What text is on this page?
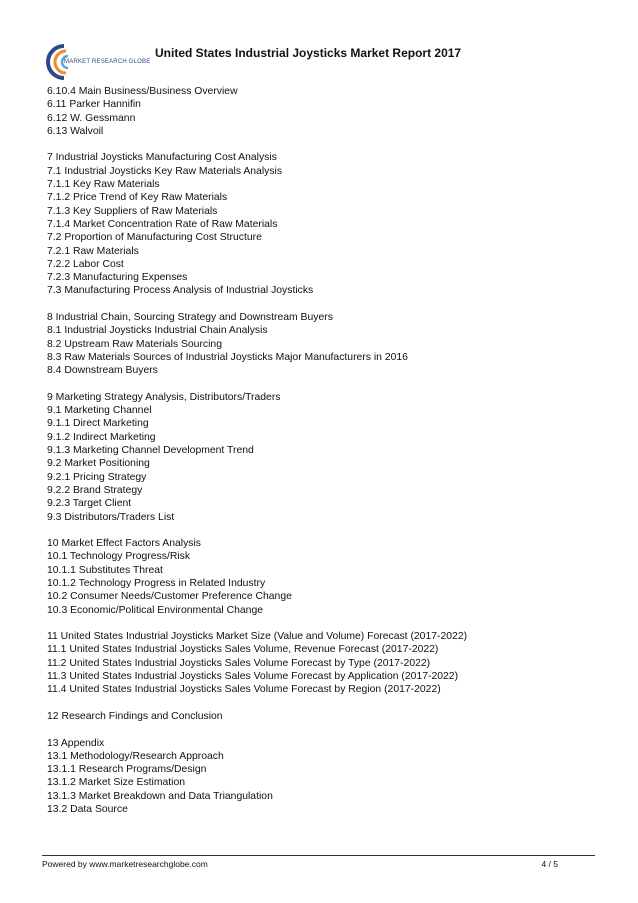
MARKET RESEARCH GLOBE
United States Industrial Joysticks Market Report 2017
6.10.4 Main Business/Business Overview
6.11 Parker Hannifin
6.12 W. Gessmann
6.13 Walvoil
7 Industrial Joysticks Manufacturing Cost Analysis
7.1 Industrial Joysticks Key Raw Materials Analysis
7.1.1 Key Raw Materials
7.1.2 Price Trend of Key Raw Materials
7.1.3 Key Suppliers of Raw Materials
7.1.4 Market Concentration Rate of Raw Materials
7.2 Proportion of Manufacturing Cost Structure
7.2.1 Raw Materials
7.2.2 Labor Cost
7.2.3 Manufacturing Expenses
7.3 Manufacturing Process Analysis of Industrial Joysticks
8 Industrial Chain, Sourcing Strategy and Downstream Buyers
8.1 Industrial Joysticks Industrial Chain Analysis
8.2 Upstream Raw Materials Sourcing
8.3 Raw Materials Sources of Industrial Joysticks Major Manufacturers in 2016
8.4 Downstream Buyers
9 Marketing Strategy Analysis, Distributors/Traders
9.1 Marketing Channel
9.1.1 Direct Marketing
9.1.2 Indirect Marketing
9.1.3 Marketing Channel Development Trend
9.2 Market Positioning
9.2.1 Pricing Strategy
9.2.2 Brand Strategy
9.2.3 Target Client
9.3 Distributors/Traders List
10 Market Effect Factors Analysis
10.1 Technology Progress/Risk
10.1.1 Substitutes Threat
10.1.2 Technology Progress in Related Industry
10.2 Consumer Needs/Customer Preference Change
10.3 Economic/Political Environmental Change
11 United States Industrial Joysticks Market Size (Value and Volume) Forecast (2017-2022)
11.1 United States Industrial Joysticks Sales Volume, Revenue Forecast (2017-2022)
11.2 United States Industrial Joysticks Sales Volume Forecast by Type (2017-2022)
11.3 United States Industrial Joysticks Sales Volume Forecast by Application (2017-2022)
11.4 United States Industrial Joysticks Sales Volume Forecast by Region (2017-2022)
12 Research Findings and Conclusion
13 Appendix
13.1 Methodology/Research Approach
13.1.1 Research Programs/Design
13.1.2 Market Size Estimation
13.1.3 Market Breakdown and Data Triangulation
13.2 Data Source
Powered by www.marketresearchglobe.com	4 / 5
